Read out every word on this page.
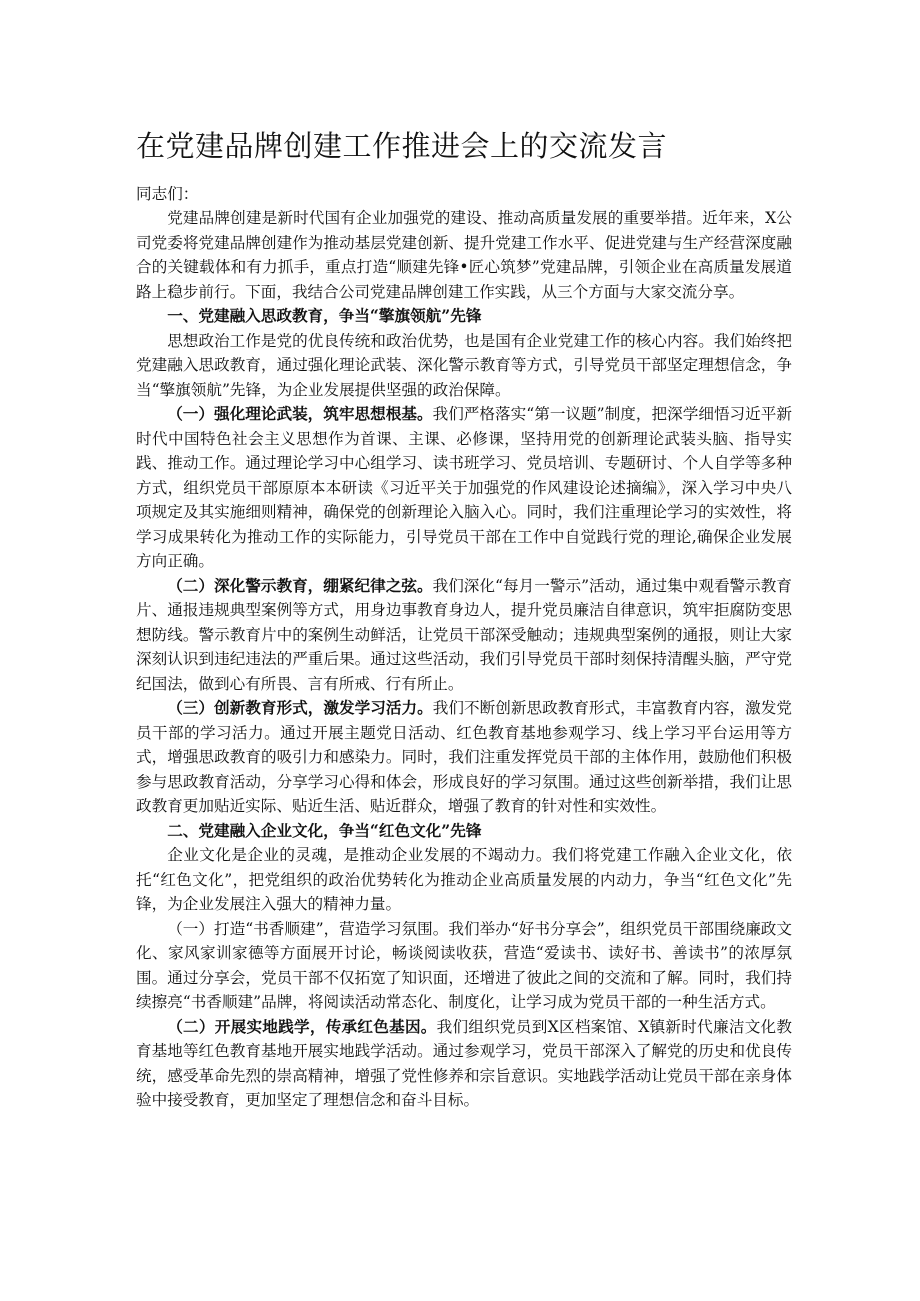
在党建品牌创建工作推进会上的交流发言

同志们：

党建品牌创建是新时代国有企业加强党的建设、推动高质量发展的重要举措。近年来，X公司党委将党建品牌创建作为推动基层党建创新、提升党建工作水平、促进党建与生产经营深度融合的关键载体和有力抓手，重点打造“顺建先锋•匠心筑梦”党建品牌，引领企业在高质量发展道路上稳步前行。下面，我结合公司党建品牌创建工作实践，从三个方面与大家交流分享。

一、党建融入思政教育，争当“擎旗领航”先锋

思想政治工作是党的优良传统和政治优势，也是国有企业党建工作的核心内容。我们始终把党建融入思政教育，通过强化理论武装、深化警示教育等方式，引导党员干部坚定理想信念，争当“擎旗领航”先锋，为企业发展提供坚强的政治保障。

（一）强化理论武装，筑牢思想根基。我们严格落实“第一议题”制度，把深学细悟习近平新时代中国特色社会主义思想作为首课、主课、必修课，坚持用党的创新理论武装头脑、指导实践、推动工作。通过理论学习中心组学习、读书班学习、党员培训、专题研讨、个人自学等多种方式，组织党员干部原原本本研读《习近平关于加强党的作风建设论述摘编》，深入学习中央八项规定及其实施细则精神，确保党的创新理论入脑入心。同时，我们注重理论学习的实效性，将学习成果转化为推动工作的实际能力，引导党员干部在工作中自觉践行党的理论,确保企业发展方向正确。

（二）深化警示教育，绷紧纪律之弦。我们深化“每月一警示”活动，通过集中观看警示教育片、通报违规典型案例等方式，用身边事教育身边人，提升党员廉洁自律意识，筑牢拒腐防变思想防线。警示教育片中的案例生动鲜活，让党员干部深受触动；违规典型案例的通报，则让大家深刻认识到违纪违法的严重后果。通过这些活动，我们引导党员干部时刻保持清醒头脑，严守党纪国法，做到心有所畏、言有所戒、行有所止。

（三）创新教育形式，激发学习活力。我们不断创新思政教育形式，丰富教育内容，激发党员干部的学习活力。通过开展主题党日活动、红色教育基地参观学习、线上学习平台运用等方式，增强思政教育的吸引力和感染力。同时，我们注重发挥党员干部的主体作用，鼓励他们积极参与思政教育活动，分享学习心得和体会，形成良好的学习氛围。通过这些创新举措，我们让思政教育更加贴近实际、贴近生活、贴近群众，增强了教育的针对性和实效性。

二、党建融入企业文化，争当“红色文化”先锋

企业文化是企业的灵魂，是推动企业发展的不竭动力。我们将党建工作融入企业文化，依托“红色文化”，把党组织的政治优势转化为推动企业高质量发展的内动力，争当“红色文化”先锋，为企业发展注入强大的精神力量。

（一）打造“书香顺建”，营造学习氛围。我们举办“好书分享会”，组织党员干部围绕廉政文化、家风家训家德等方面展开讨论，畅谈阅读收获，营造“爱读书、读好书、善读书”的浓厚氛围。通过分享会，党员干部不仅拓宽了知识面，还增进了彼此之间的交流和了解。同时，我们持续擦亮“书香顺建”品牌，将阅读活动常态化、制度化，让学习成为党员干部的一种生活方式。

（二）开展实地践学，传承红色基因。我们组织党员到X区档案馆、X镇新时代廉洁文化教育基地等红色教育基地开展实地践学活动。通过参观学习，党员干部深入了解党的历史和优良传统，感受革命先烈的崇高精神，增强了党性修养和宗旨意识。实地践学活动让党员干部在亲身体验中接受教育，更加坚定了理想信念和奋斗目标。
